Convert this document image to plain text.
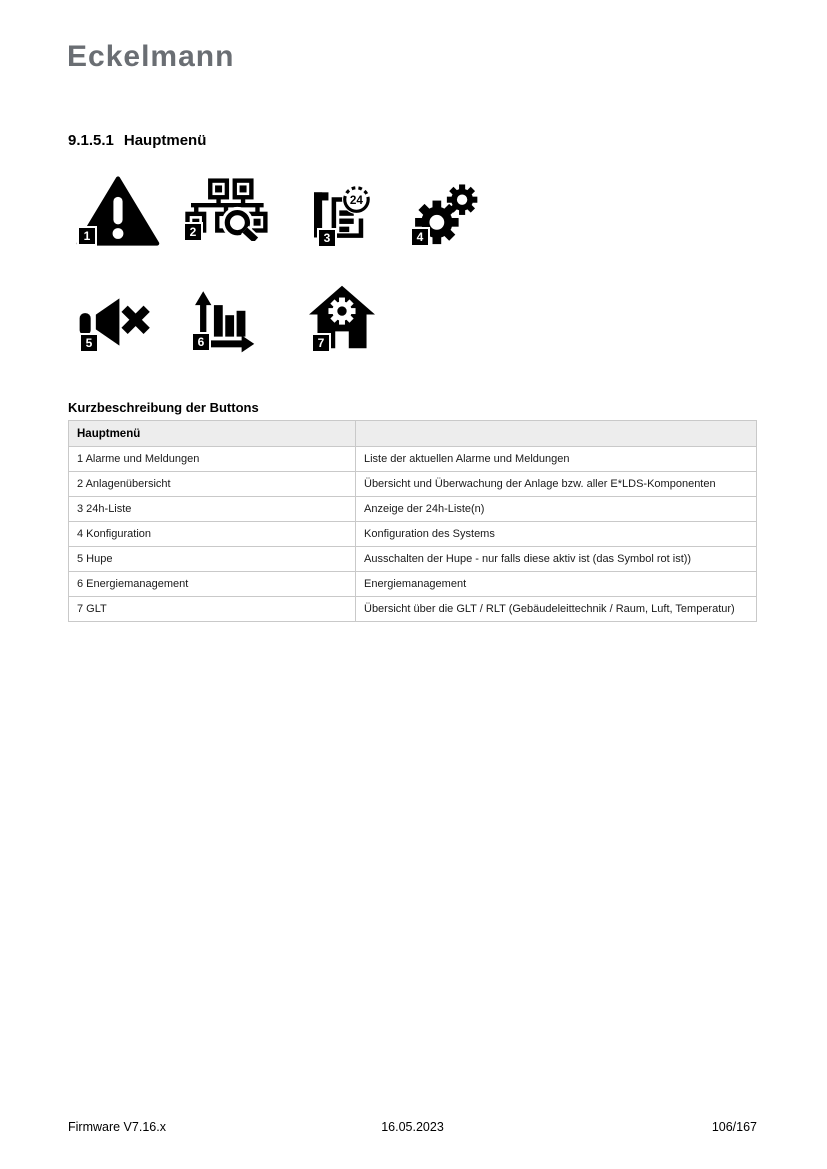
Eckelmann
9.1.5.1 Hauptmenü
24
1	2	3	4
5	6	7
Kurzbeschreibung der Buttons
Hauptmenü	
1 Alarme und Meldungen	Liste der aktuellen Alarme und Meldungen
2 Anlagenübersicht	Übersicht und Überwachung der Anlage bzw. aller E*LDS-Komponenten
3 24h-Liste	Anzeige der 24h-Liste(n)
4 Konfiguration	Konfiguration des Systems
5 Hupe	Ausschalten der Hupe - nur falls diese aktiv ist (das Symbol rot ist))
6 Energiemanagement	Energiemanagement
7 GLT	Übersicht über die GLT / RLT (Gebäudeleittechnik / Raum, Luft, Temperatur)
Firmware V7.16.x	16.05.2023	106/167
